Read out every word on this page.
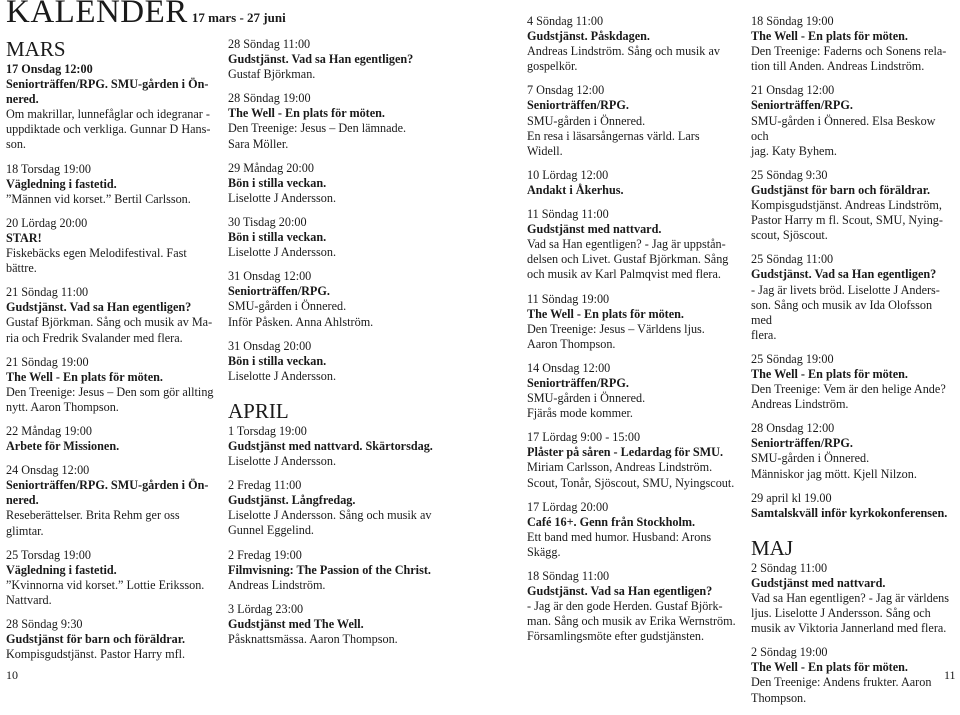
KALENDER 17 mars - 27 juni
MARS
17 Onsdag 12:00
Seniorträffen/RPG. SMU-gården i Ön-
nered.
Om makrillar, lunnefåglar och idegranar -
uppdiktade och verkliga. Gunnar D Hans-
son.
18 Torsdag 19:00
Vägledning i fastetid.
”Männen vid korset.” Bertil Carlsson.
20 Lördag 20:00
STAR!
Fiskebäcks egen Melodifestival. Fast
bättre.
21 Söndag 11:00
Gudstjänst. Vad sa Han egentligen?
Gustaf Björkman. Sång och musik av Ma-
ria och Fredrik Svalander med flera.
21 Söndag 19:00
The Well - En plats för möten.
Den Treenige: Jesus – Den som gör allting
nytt. Aaron Thompson.
22 Måndag 19:00
Arbete för Missionen.
24 Onsdag 12:00
Seniorträffen/RPG. SMU-gården i Ön-
nered.
Reseberättelser. Brita Rehm ger oss
glimtar.
25 Torsdag 19:00
Vägledning i fastetid.
”Kvinnorna vid korset.” Lottie Eriksson.
Nattvard.
28 Söndag 9:30
Gudstjänst för barn och föräldrar.
Kompisgudstjänst. Pastor Harry mfl.
28 Söndag 11:00
Gudstjänst. Vad sa Han egentligen?
Gustaf Björkman.
28 Söndag 19:00
The Well - En plats för möten.
Den Treenige: Jesus – Den lämnade.
Sara Möller.
29 Måndag 20:00
Bön i stilla veckan.
Liselotte J Andersson.
30 Tisdag 20:00
Bön i stilla veckan.
Liselotte J Andersson.
31 Onsdag 12:00
Seniorträffen/RPG.
SMU-gården i Önnered.
Inför Påsken. Anna Ahlström.
31 Onsdag 20:00
Bön i stilla veckan.
Liselotte J Andersson.
APRIL
1 Torsdag 19:00
Gudstjänst med nattvard. Skärtorsdag.
Liselotte J Andersson.
2 Fredag 11:00
Gudstjänst. Långfredag.
Liselotte J Andersson. Sång och musik av
Gunnel Eggelind.
2 Fredag 19:00
Filmvisning: The Passion of the Christ.
Andreas Lindström.
3 Lördag 23:00
Gudstjänst med The Well.
Påsknattsmässa. Aaron Thompson.
4 Söndag 11:00
Gudstjänst. Påskdagen.
Andreas Lindström. Sång och musik av
gospelkör.
7 Onsdag 12:00
Seniorträffen/RPG.
SMU-gården i Önnered.
En resa i läsarsångernas värld. Lars
Widell.
10 Lördag 12:00
Andakt i Åkerhus.
11 Söndag 11:00
Gudstjänst med nattvard.
Vad sa Han egentligen? - Jag är uppstån-
delsen och Livet. Gustaf Björkman. Sång
och musik av Karl Palmqvist med flera.
11 Söndag 19:00
The Well - En plats för möten.
Den Treenige: Jesus – Världens ljus.
Aaron Thompson.
14 Onsdag 12:00
Seniorträffen/RPG.
SMU-gården i Önnered.
Fjärås mode kommer.
17 Lördag 9:00 - 15:00
Plåster på såren - Ledardag för SMU.
Miriam Carlsson, Andreas Lindström.
Scout, Tonår, Sjöscout, SMU, Nyingscout.
17 Lördag 20:00
Café 16+. Genn från Stockholm.
Ett band med humor. Husband: Arons
Skägg.
18 Söndag 11:00
Gudstjänst. Vad sa Han egentligen?
- Jag är den gode Herden. Gustaf Björk-
man. Sång och musik av Erika Wernström.
Församlingsmöte efter gudstjänsten.
18 Söndag 19:00
The Well - En plats för möten.
Den Treenige: Faderns och Sonens rela-
tion till Anden. Andreas Lindström.
21 Onsdag 12:00
Seniorträffen/RPG.
SMU-gården i Önnered. Elsa Beskow och
jag. Katy Byhem.
25 Söndag 9:30
Gudstjänst för barn och föräldrar.
Kompisgudstjänst. Andreas Lindström,
Pastor Harry m fl. Scout, SMU, Nying-
scout, Sjöscout.
25 Söndag 11:00
Gudstjänst. Vad sa Han egentligen?
- Jag är livets bröd. Liselotte J Anders-
son. Sång och musik av Ida Olofsson med
flera.
25 Söndag 19:00
The Well - En plats för möten.
Den Treenige: Vem är den helige Ande?
Andreas Lindström.
28 Onsdag 12:00
Seniorträffen/RPG.
SMU-gården i Önnered.
Människor jag mött. Kjell Nilzon.
29 april kl 19.00
Samtalskväll inför kyrkokonferensen.
MAJ
2 Söndag 11:00
Gudstjänst med nattvard.
Vad sa Han egentligen? - Jag är världens
ljus. Liselotte J Andersson. Sång och
musik av Viktoria Jannerland med flera.
2 Söndag 19:00
The Well - En plats för möten.
Den Treenige: Andens frukter. Aaron
Thompson.
10	11
